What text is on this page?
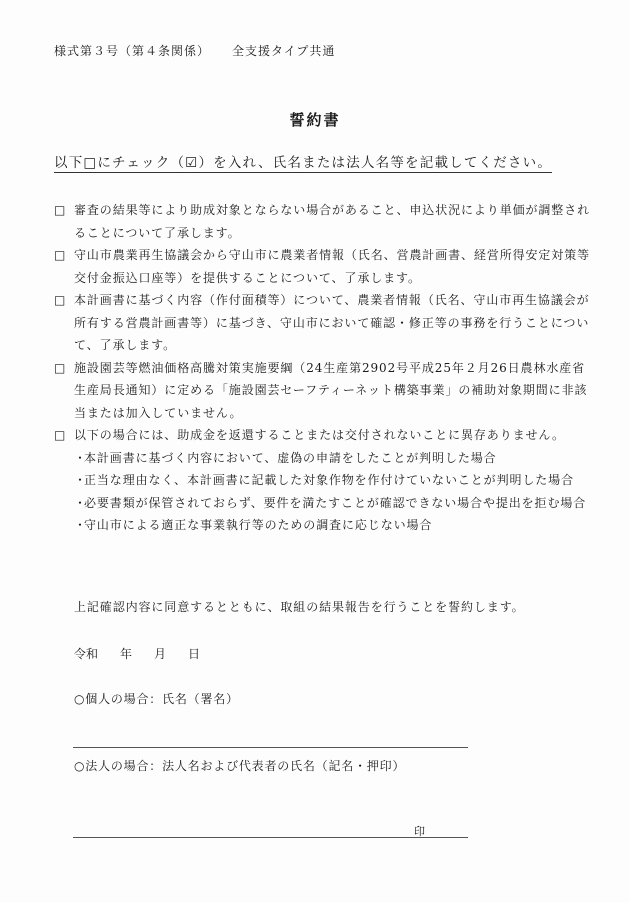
様式第３号（第４条関係） 全支援タイプ共通
誓約書
以下□にチェック（☑）を入れ、氏名または法人名等を記載してください。
□ 審査の結果等により助成対象とならない場合があること、申込状況により単価が調整されることについて了承します。
□ 守山市農業再生協議会から守山市に農業者情報（氏名、営農計画書、経営所得安定対策等交付金振込口座等）を提供することについて、了承します。
□ 本計画書に基づく内容（作付面積等）について、農業者情報（氏名、守山市再生協議会が所有する営農計画書等）に基づき、守山市において確認・修正等の事務を行うことについて、了承します。
□ 施設園芸等燃油価格高騰対策実施要綱（24生産第2902号平成25年２月26日農林水産省生産局長通知）に定める「施設園芸セーフティーネット構築事業」の補助対象期間に非該当または加入していません。
□ 以下の場合には、助成金を返還することまたは交付されないことに異存ありません。
・
本計画書に基づく内容において、虚偽の申請をしたことが判明した場合
・
正当な理由なく、本計画書に記載した対象作物を作付けていないことが判明した場合
・
必要書類が保管されておらず、要件を満たすことが確認できない場合や提出を拒む場合
・
守山市による適正な事業執行等のための調査に応じない場合
上記確認内容に同意するとともに、取組の結果報告を行うことを誓約します。
令和 年 月 日
○個人の場合：氏名（署名）
○法人の場合：法人名および代表者の氏名（記名・押印）
印
